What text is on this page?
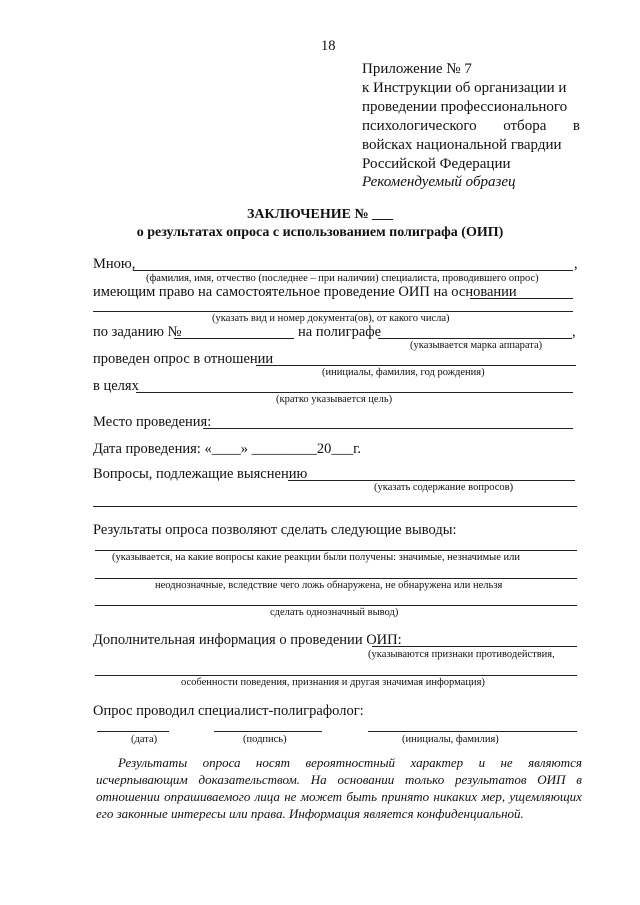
18
Приложение № 7
к Инструкции об организации и
проведении профессионального
психологического отбора в
войсках национальной гвардии
Российской Федерации
Рекомендуемый образец
ЗАКЛЮЧЕНИЕ № ___
о результатах опроса с использованием полиграфа (ОИП)
Мною,	,
(фамилия, имя, отчество (последнее – при наличии) специалиста, проводившего опрос)
имеющим право на самостоятельное проведение ОИП на основании
(указать вид и номер документа(ов), от какого числа)
по заданию №	на полиграфе	,
(указывается марка аппарата)
проведен опрос в отношении
(инициалы, фамилия, год рождения)
в целях
(кратко указывается цель)
Место проведения:
Дата проведения: «____» _________20___г.
Вопросы, подлежащие выяснению
(указать содержание вопросов)
Результаты опроса позволяют сделать следующие выводы:
(указывается, на какие вопросы какие реакции были получены: значимые, незначимые или
неоднозначные, вследствие чего ложь обнаружена, не обнаружена или нельзя
сделать однозначный вывод)
Дополнительная информация о проведении ОИП:
(указываются признаки противодействия,
особенности поведения, признания и другая значимая информация)
Опрос проводил специалист-полиграфолог:
(дата)	(подпись)	(инициалы, фамилия)
Результаты опроса носят вероятностный характер и не являются
исчерпывающим доказательством. На основании только результатов ОИП в
отношении опрашиваемого лица не может быть принято никаких мер, ущемляющих
его законные интересы или права. Информация является конфиденциальной.
